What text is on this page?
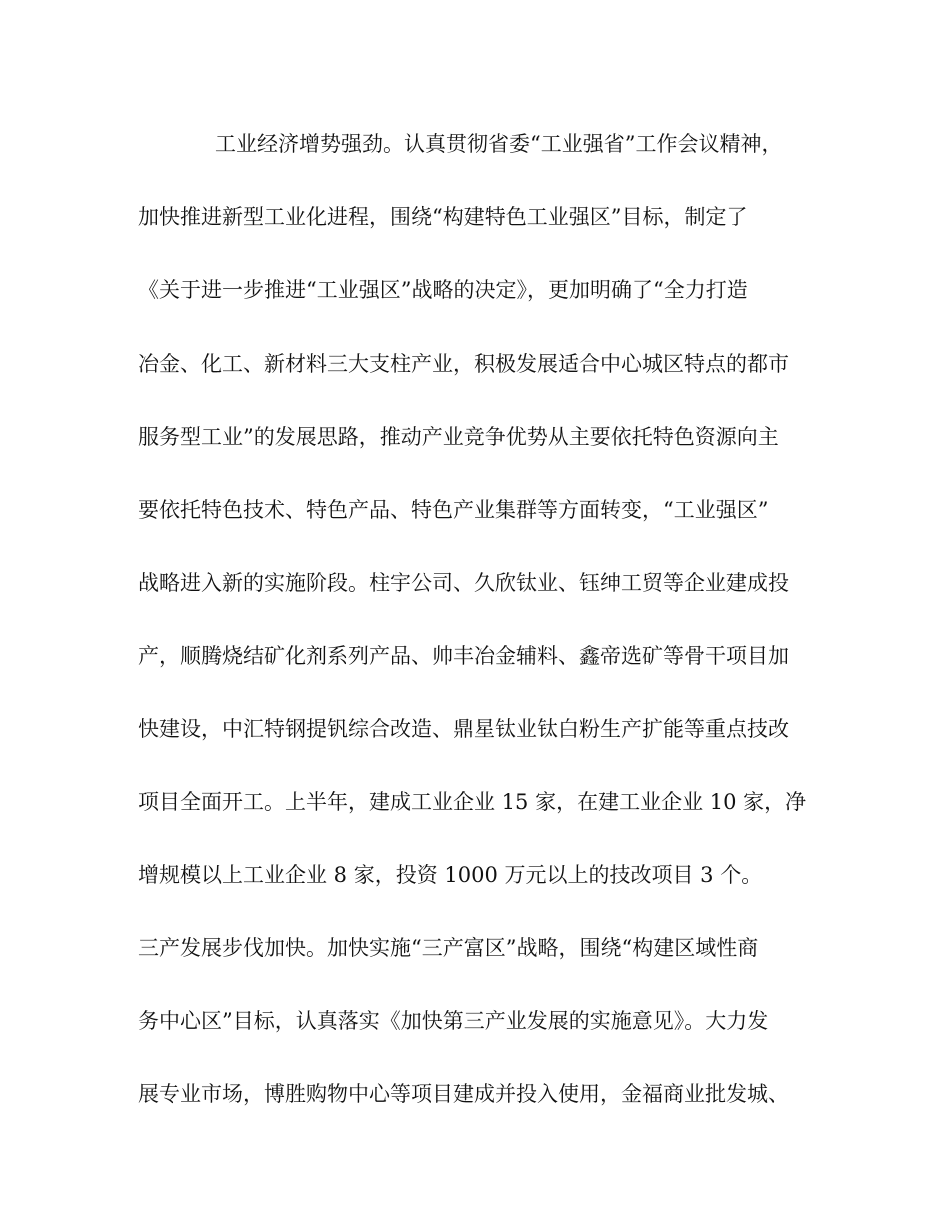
工业经济增势强劲。认真贯彻省委“工业强省”工作会议精神，
加快推进新型工业化进程，围绕“构建特色工业强区”目标，制定了
《关于进一步推进“工业强区”战略的决定》，更加明确了“全力打造
冶金、化工、新材料三大支柱产业，积极发展适合中心城区特点的都市
服务型工业”的发展思路，推动产业竞争优势从主要依托特色资源向主
要依托特色技术、特色产品、特色产业集群等方面转变，“工业强区”
战略进入新的实施阶段。柱宇公司、久欣钛业、钰绅工贸等企业建成投
产，顺腾烧结矿化剂系列产品、帅丰冶金辅料、鑫帝选矿等骨干项目加
快建设，中汇特钢提钒综合改造、鼎星钛业钛白粉生产扩能等重点技改
项目全面开工。上半年，建成工业企业 15 家，在建工业企业 10 家，净
增规模以上工业企业 8 家，投资 1000 万元以上的技改项目 3 个。
三产发展步伐加快。加快实施“三产富区”战略，围绕“构建区域性商
务中心区”目标，认真落实《加快第三产业发展的实施意见》。大力发
展专业市场，博胜购物中心等项目建成并投入使用，金福商业批发城、
